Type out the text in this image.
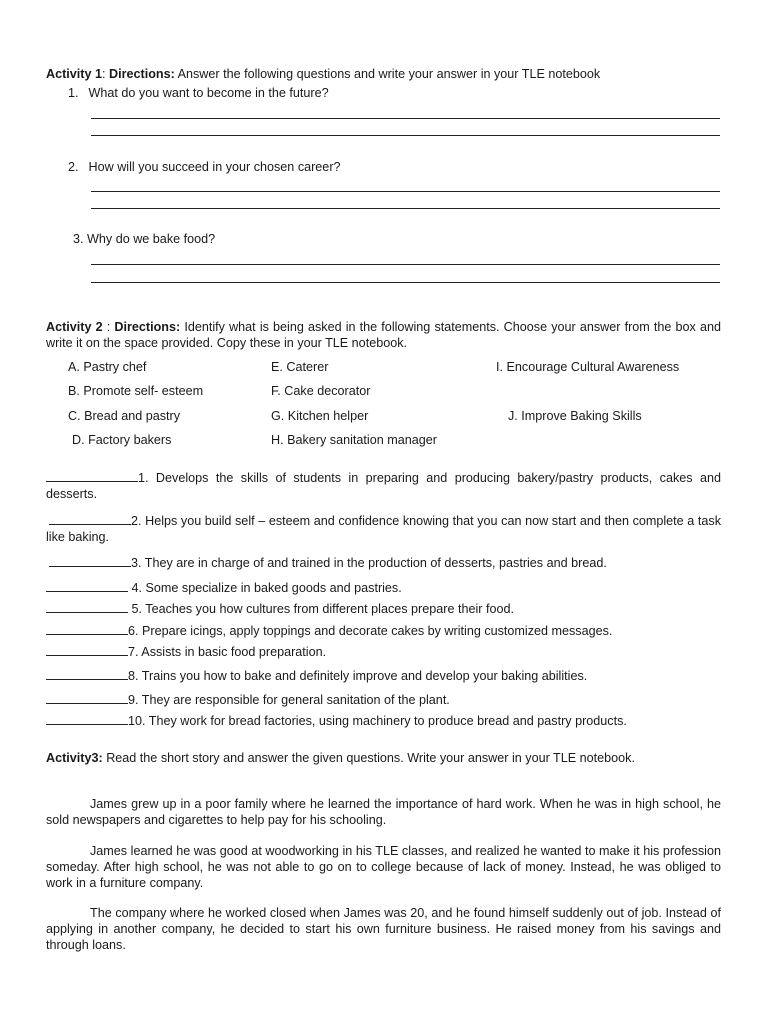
Activity 1: Directions: Answer the following questions and write your answer in your TLE notebook
1. What do you want to become in the future?
2. How will you succeed in your chosen career?
3. Why do we bake food?
Activity 2 : Directions: Identify what is being asked in the following statements. Choose your answer from the box and write it on the space provided. Copy these in your TLE notebook.
A. Pastry chef
B. Promote self- esteem
C. Bread and pastry
D. Factory bakers
E. Caterer
F. Cake decorator
G. Kitchen helper
H. Bakery sanitation manager
I. Encourage Cultural Awareness
J. Improve Baking Skills
1. Develops the skills of students in preparing and producing bakery/pastry products, cakes and desserts.
2. Helps you build self – esteem and confidence knowing that you can now start and then complete a task like baking.
3. They are in charge of and trained in the production of desserts, pastries and bread.
4. Some specialize in baked goods and pastries.
5. Teaches you how cultures from different places prepare their food.
6. Prepare icings, apply toppings and decorate cakes by writing customized messages.
7. Assists in basic food preparation.
8. Trains you how to bake and definitely improve and develop your baking abilities.
9. They are responsible for general sanitation of the plant.
10. They work for bread factories, using machinery to produce bread and pastry products.
Activity3: Read the short story and answer the given questions. Write your answer in your TLE notebook.
James grew up in a poor family where he learned the importance of hard work. When he was in high school, he sold newspapers and cigarettes to help pay for his schooling.
James learned he was good at woodworking in his TLE classes, and realized he wanted to make it his profession someday. After high school, he was not able to go on to college because of lack of money. Instead, he was obliged to work in a furniture company.
The company where he worked closed when James was 20, and he found himself suddenly out of job. Instead of applying in another company, he decided to start his own furniture business. He raised money from his savings and through loans.
